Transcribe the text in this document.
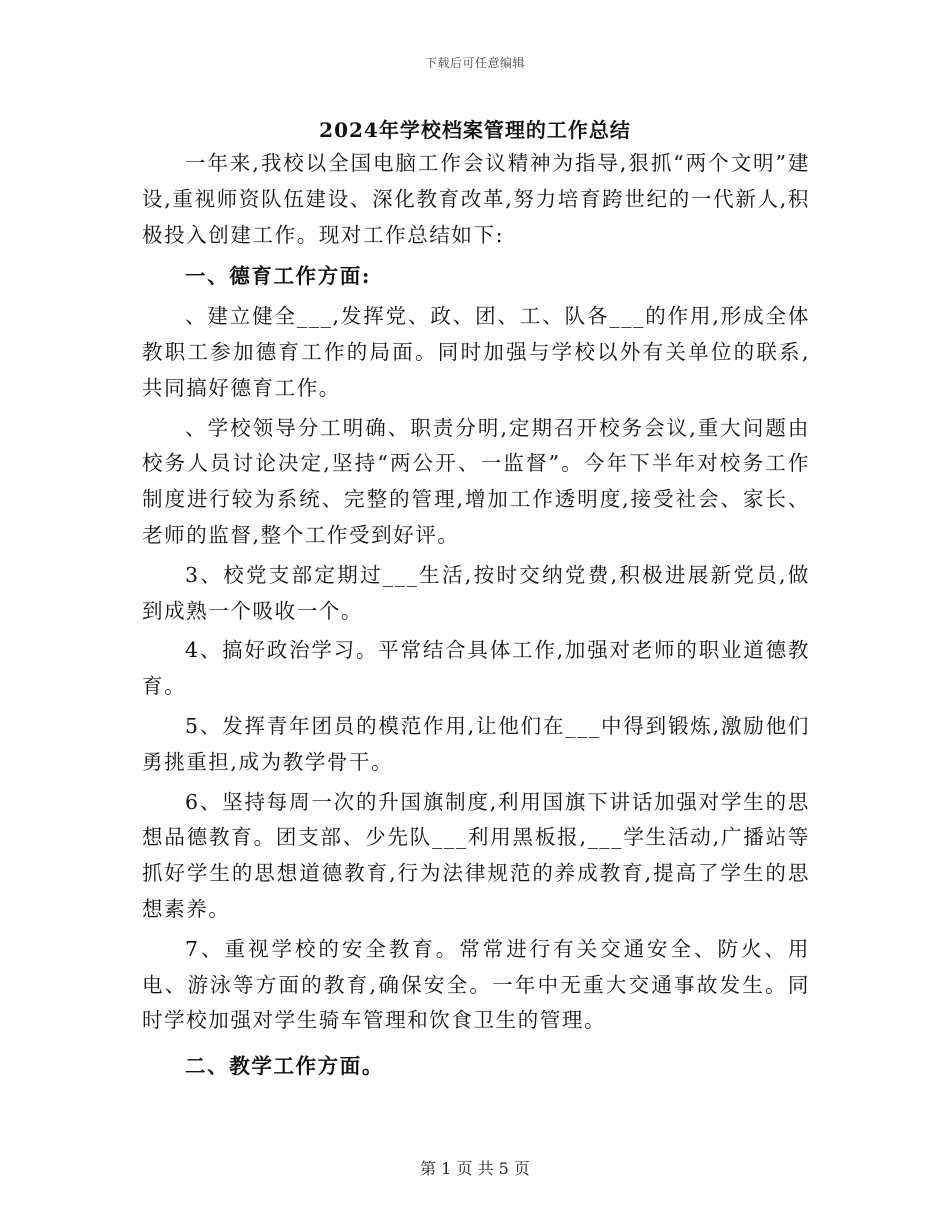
下载后可任意编辑
2024年学校档案管理的工作总结

一年来,我校以全国电脑工作会议精神为指导,狠抓“两个文明”建设,重视师资队伍建设、深化教育改革,努力培育跨世纪的一代新人,积极投入创建工作。现对工作总结如下:

一、德育工作方面:

、建立健全___,发挥党、政、团、工、队各___的作用,形成全体教职工参加德育工作的局面。同时加强与学校以外有关单位的联系,共同搞好德育工作。

、学校领导分工明确、职责分明,定期召开校务会议,重大问题由校务人员讨论决定,坚持“两公开、一监督”。今年下半年对校务工作制度进行较为系统、完整的管理,增加工作透明度,接受社会、家长、老师的监督,整个工作受到好评。

3、校党支部定期过___生活,按时交纳党费,积极进展新党员,做到成熟一个吸收一个。

4、搞好政治学习。平常结合具体工作,加强对老师的职业道德教育。

5、发挥青年团员的模范作用,让他们在___中得到锻炼,激励他们勇挑重担,成为教学骨干。

6、坚持每周一次的升国旗制度,利用国旗下讲话加强对学生的思想品德教育。团支部、少先队___利用黑板报,___学生活动,广播站等抓好学生的思想道德教育,行为法律规范的养成教育,提高了学生的思想素养。

7、重视学校的安全教育。常常进行有关交通安全、防火、用电、游泳等方面的教育,确保安全。一年中无重大交通事故发生。同时学校加强对学生骑车管理和饮食卫生的管理。

二、教学工作方面。
第 1 页 共 5 页
